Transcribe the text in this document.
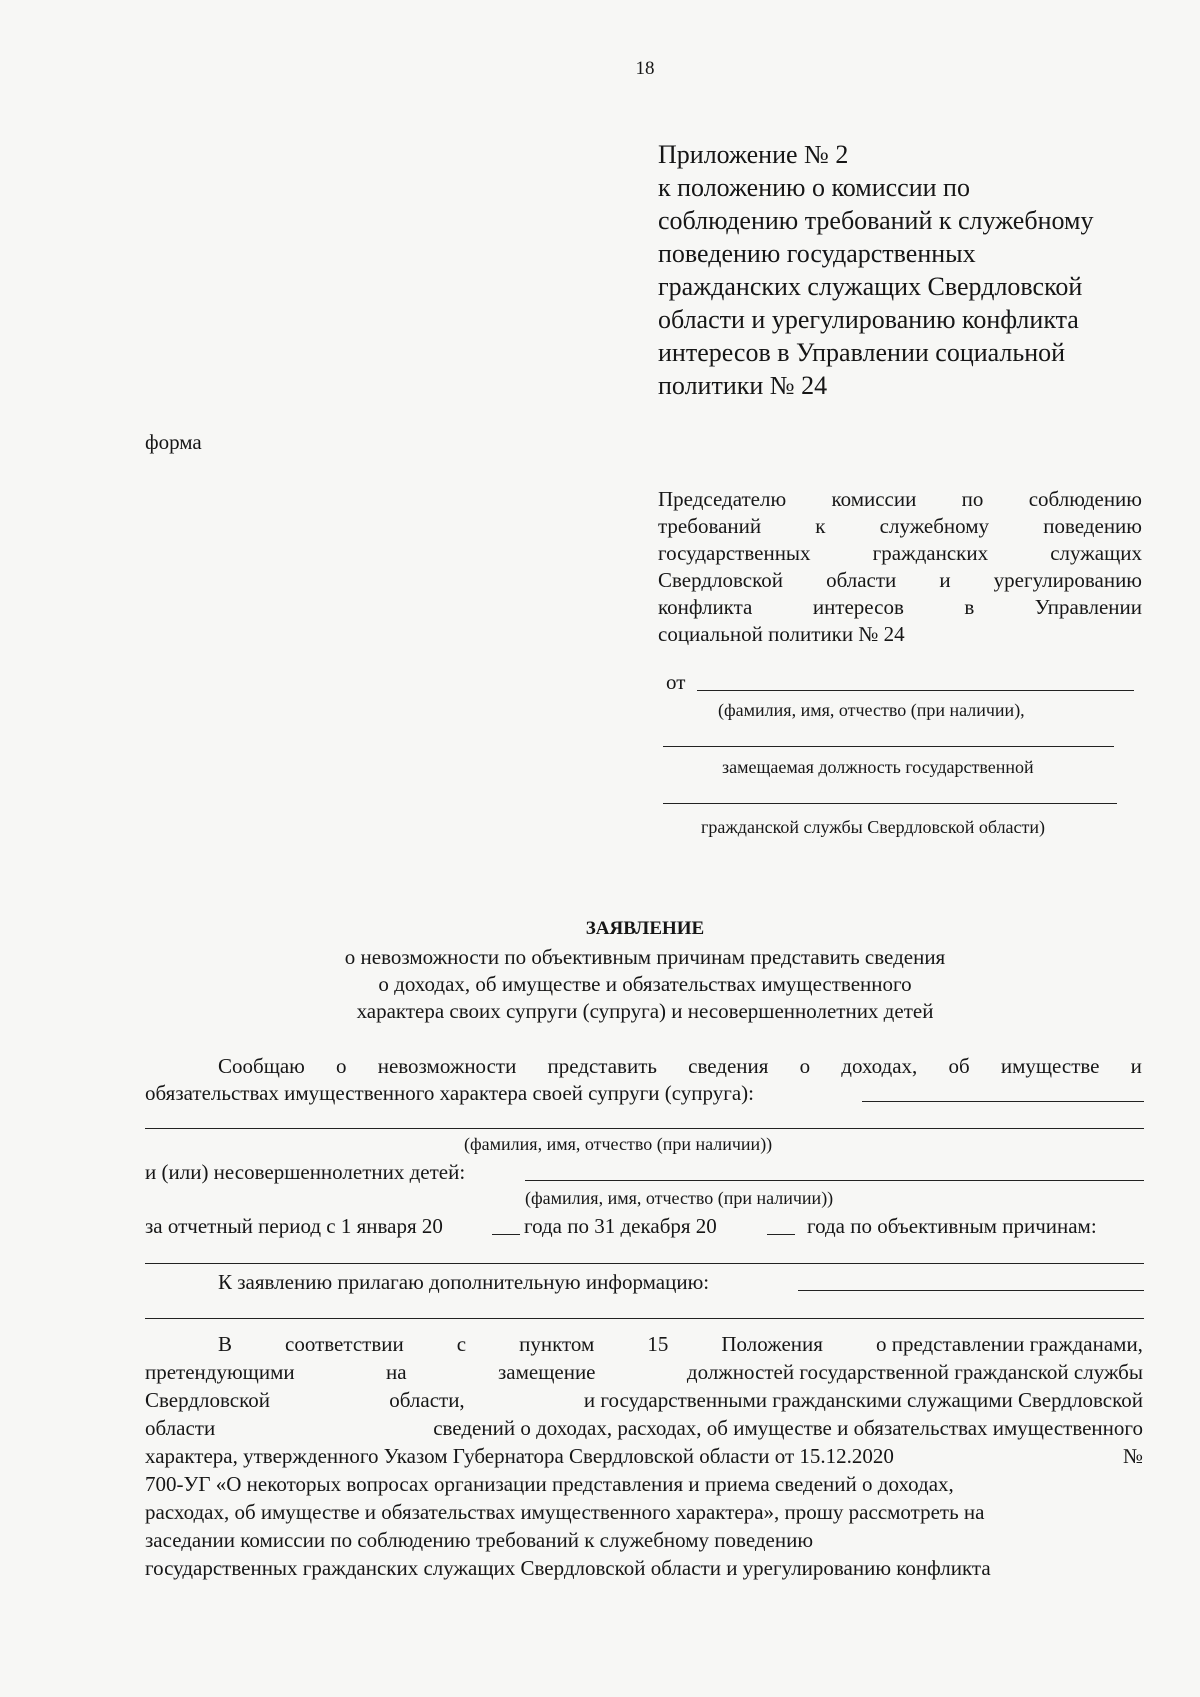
18
Приложение № 2
к положению о комиссии по
соблюдению требований к служебному
поведению государственных
гражданских служащих Свердловской
области и урегулированию конфликта
интересов в Управлении социальной
политики № 24
форма
Председателю комиссии по соблюдению
требований	к	служебному	поведению
государственных	гражданских	служащих
Свердловской области и урегулированию
конфликта	интересов	в	Управлении
социальной политики № 24
от
(фамилия, имя, отчество (при наличии),
замещаемая должность государственной
гражданской службы Свердловской области)
ЗАЯВЛЕНИЕ
о невозможности по объективным причинам представить сведения
о доходах, об имуществе и обязательствах имущественного
характера своих супруги (супруга) и несовершеннолетних детей
Сообщаю о невозможности представить сведения о доходах, об имуществе и
обязательствах имущественного характера своей супруги (супруга):
(фамилия, имя, отчество (при наличии))
и (или) несовершеннолетних детей:
(фамилия, имя, отчество (при наличии))
за отчетный период с 1 января 20	года по 31 декабря 20	года по объективным причинам:
К заявлению прилагаю дополнительную информацию:
В	соответствии	с	пунктом	15	Положения	о представлении гражданами,
претендующими	на	замещение	должностей государственной гражданской службы
Свердловской	области,	и государственными гражданскими служащими Свердловской
области	сведений о доходах, расходах, об имуществе и обязательствах имущественного
характера, утвержденного Указом Губернатора Свердловской области от 15.12.2020	№
700-УГ «О некоторых вопросах организации представления и приема сведений о доходах,
расходах, об имуществе и обязательствах имущественного характера», прошу рассмотреть на
заседании комиссии по соблюдению требований к служебному поведению
государственных гражданских служащих Свердловской области и урегулированию конфликта
